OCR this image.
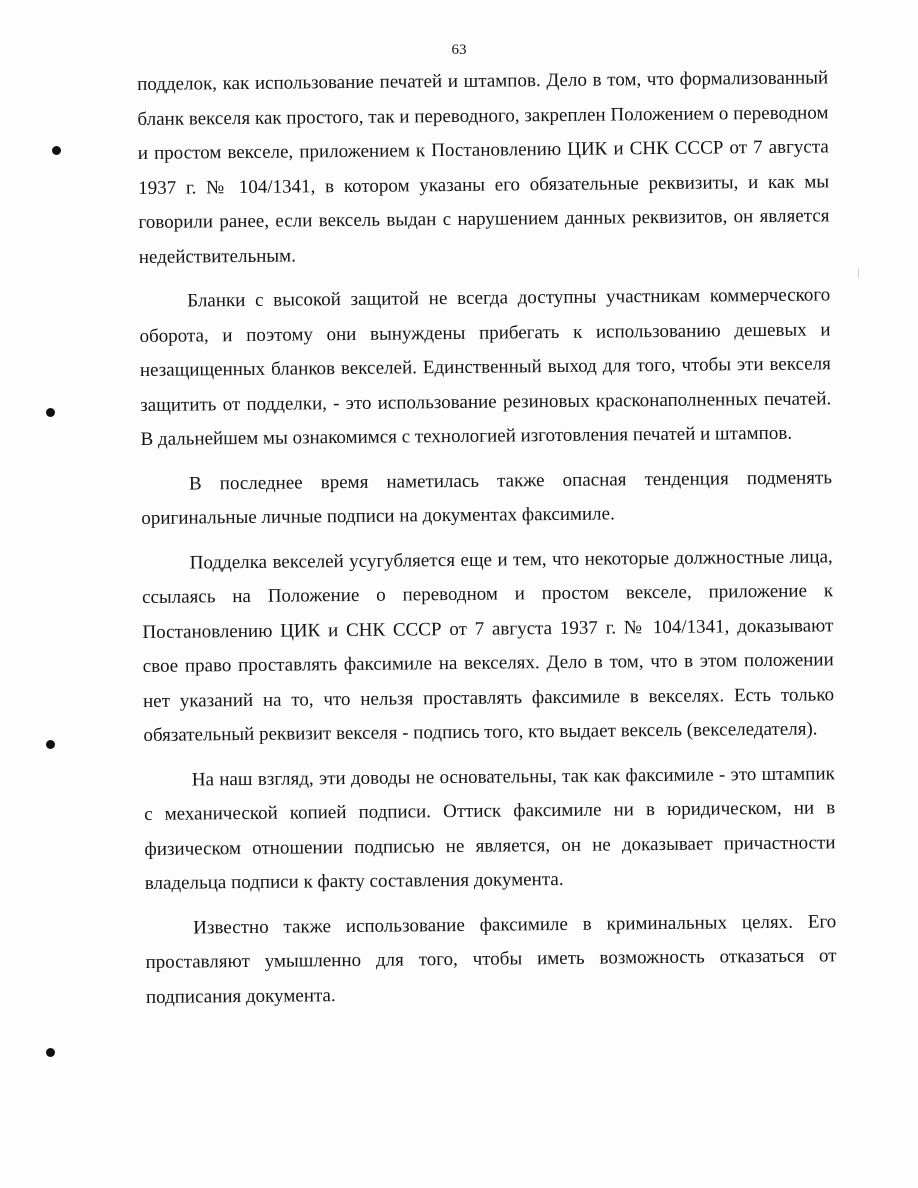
63

подделок, как использование печатей и штампов. Дело в том, что формализованный бланк векселя как простого, так и переводного, закреплен Положением о переводном и простом векселе, приложением к Постановлению ЦИК и СНК СССР от 7 августа 1937 г. № 104/1341, в котором указаны его обязательные реквизиты, и как мы говорили ранее, если вексель выдан с нарушением данных реквизитов, он является недействительным.

Бланки с высокой защитой не всегда доступны участникам коммерческого оборота, и поэтому они вынуждены прибегать к использованию дешевых и незащищенных бланков векселей. Единственный выход для того, чтобы эти векселя защитить от подделки, - это использование резиновых красконаполненных печатей. В дальнейшем мы ознакомимся с технологией изготовления печатей и штампов.

В последнее время наметилась также опасная тенденция подменять оригинальные личные подписи на документах факсимиле.

Подделка векселей усугубляется еще и тем, что некоторые должностные лица, ссылаясь на Положение о переводном и простом векселе, приложение к Постановлению ЦИК и СНК СССР от 7 августа 1937 г. № 104/1341, доказывают свое право проставлять факсимиле на векселях. Дело в том, что в этом положении нет указаний на то, что нельзя проставлять факсимиле в векселях. Есть только обязательный реквизит векселя - подпись того, кто выдает вексель (векселедателя).

На наш взгляд, эти доводы не основательны, так как факсимиле - это штампик с механической копией подписи. Оттиск факсимиле ни в юридическом, ни в физическом отношении подписью не является, он не доказывает причастности владельца подписи к факту составления документа.

Известно также использование факсимиле в криминальных целях. Его проставляют умышленно для того, чтобы иметь возможность отказаться от подписания документа.
